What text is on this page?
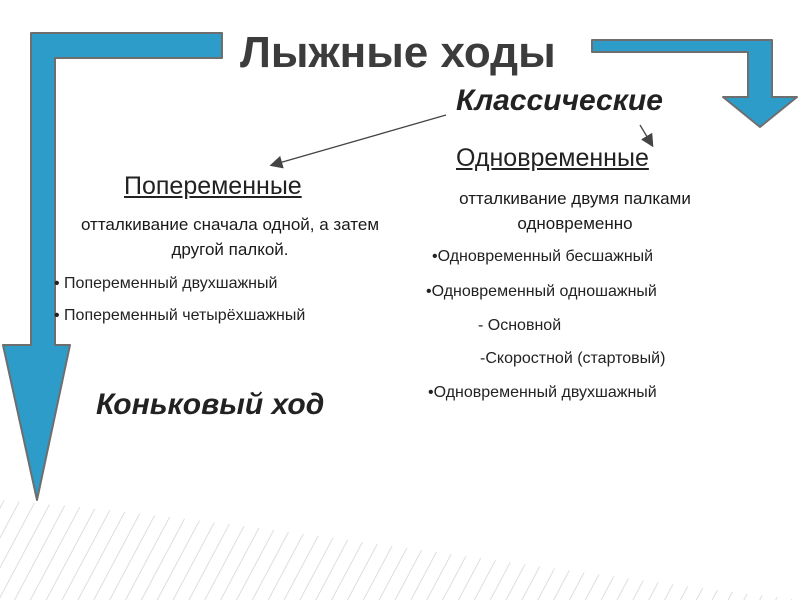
Лыжные ходы
Классические
Одновременные
отталкивание двумя палками одновременно
•Одновременный бесшажный
•Одновременный одношажный
- Основной
-Скоростной (стартовый)
•Одновременный двухшажный
Попеременные
отталкивание сначала одной, а затем другой палкой.
• Попеременный двухшажный
• Попеременный четырёхшажный
Коньковый ход
